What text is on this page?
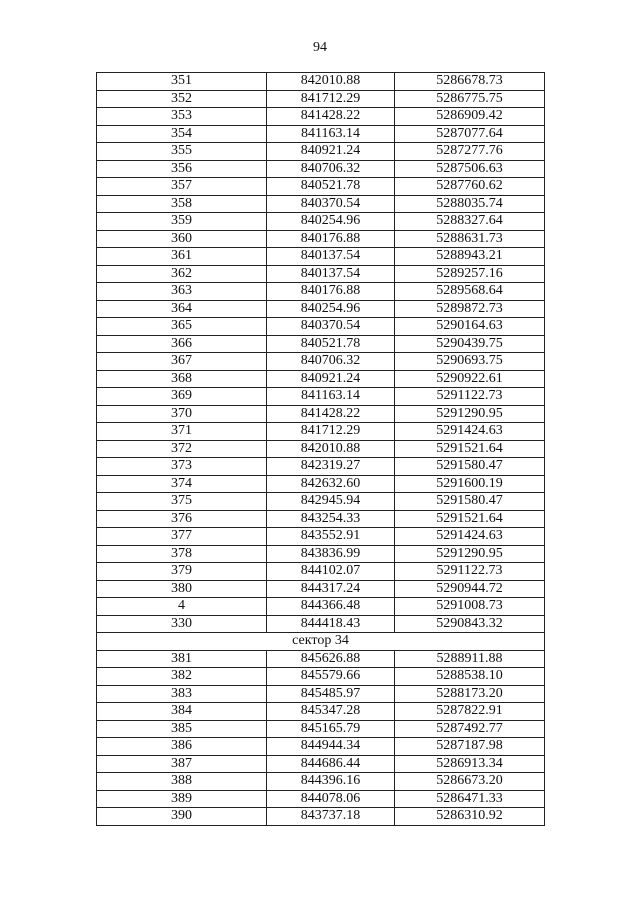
94
351	842010.88	5286678.73
352	841712.29	5286775.75
353	841428.22	5286909.42
354	841163.14	5287077.64
355	840921.24	5287277.76
356	840706.32	5287506.63
357	840521.78	5287760.62
358	840370.54	5288035.74
359	840254.96	5288327.64
360	840176.88	5288631.73
361	840137.54	5288943.21
362	840137.54	5289257.16
363	840176.88	5289568.64
364	840254.96	5289872.73
365	840370.54	5290164.63
366	840521.78	5290439.75
367	840706.32	5290693.75
368	840921.24	5290922.61
369	841163.14	5291122.73
370	841428.22	5291290.95
371	841712.29	5291424.63
372	842010.88	5291521.64
373	842319.27	5291580.47
374	842632.60	5291600.19
375	842945.94	5291580.47
376	843254.33	5291521.64
377	843552.91	5291424.63
378	843836.99	5291290.95
379	844102.07	5291122.73
380	844317.24	5290944.72
4	844366.48	5291008.73
330	844418.43	5290843.32
сектор 34		
381	845626.88	5288911.88
382	845579.66	5288538.10
383	845485.97	5288173.20
384	845347.28	5287822.91
385	845165.79	5287492.77
386	844944.34	5287187.98
387	844686.44	5286913.34
388	844396.16	5286673.20
389	844078.06	5286471.33
390	843737.18	5286310.92
